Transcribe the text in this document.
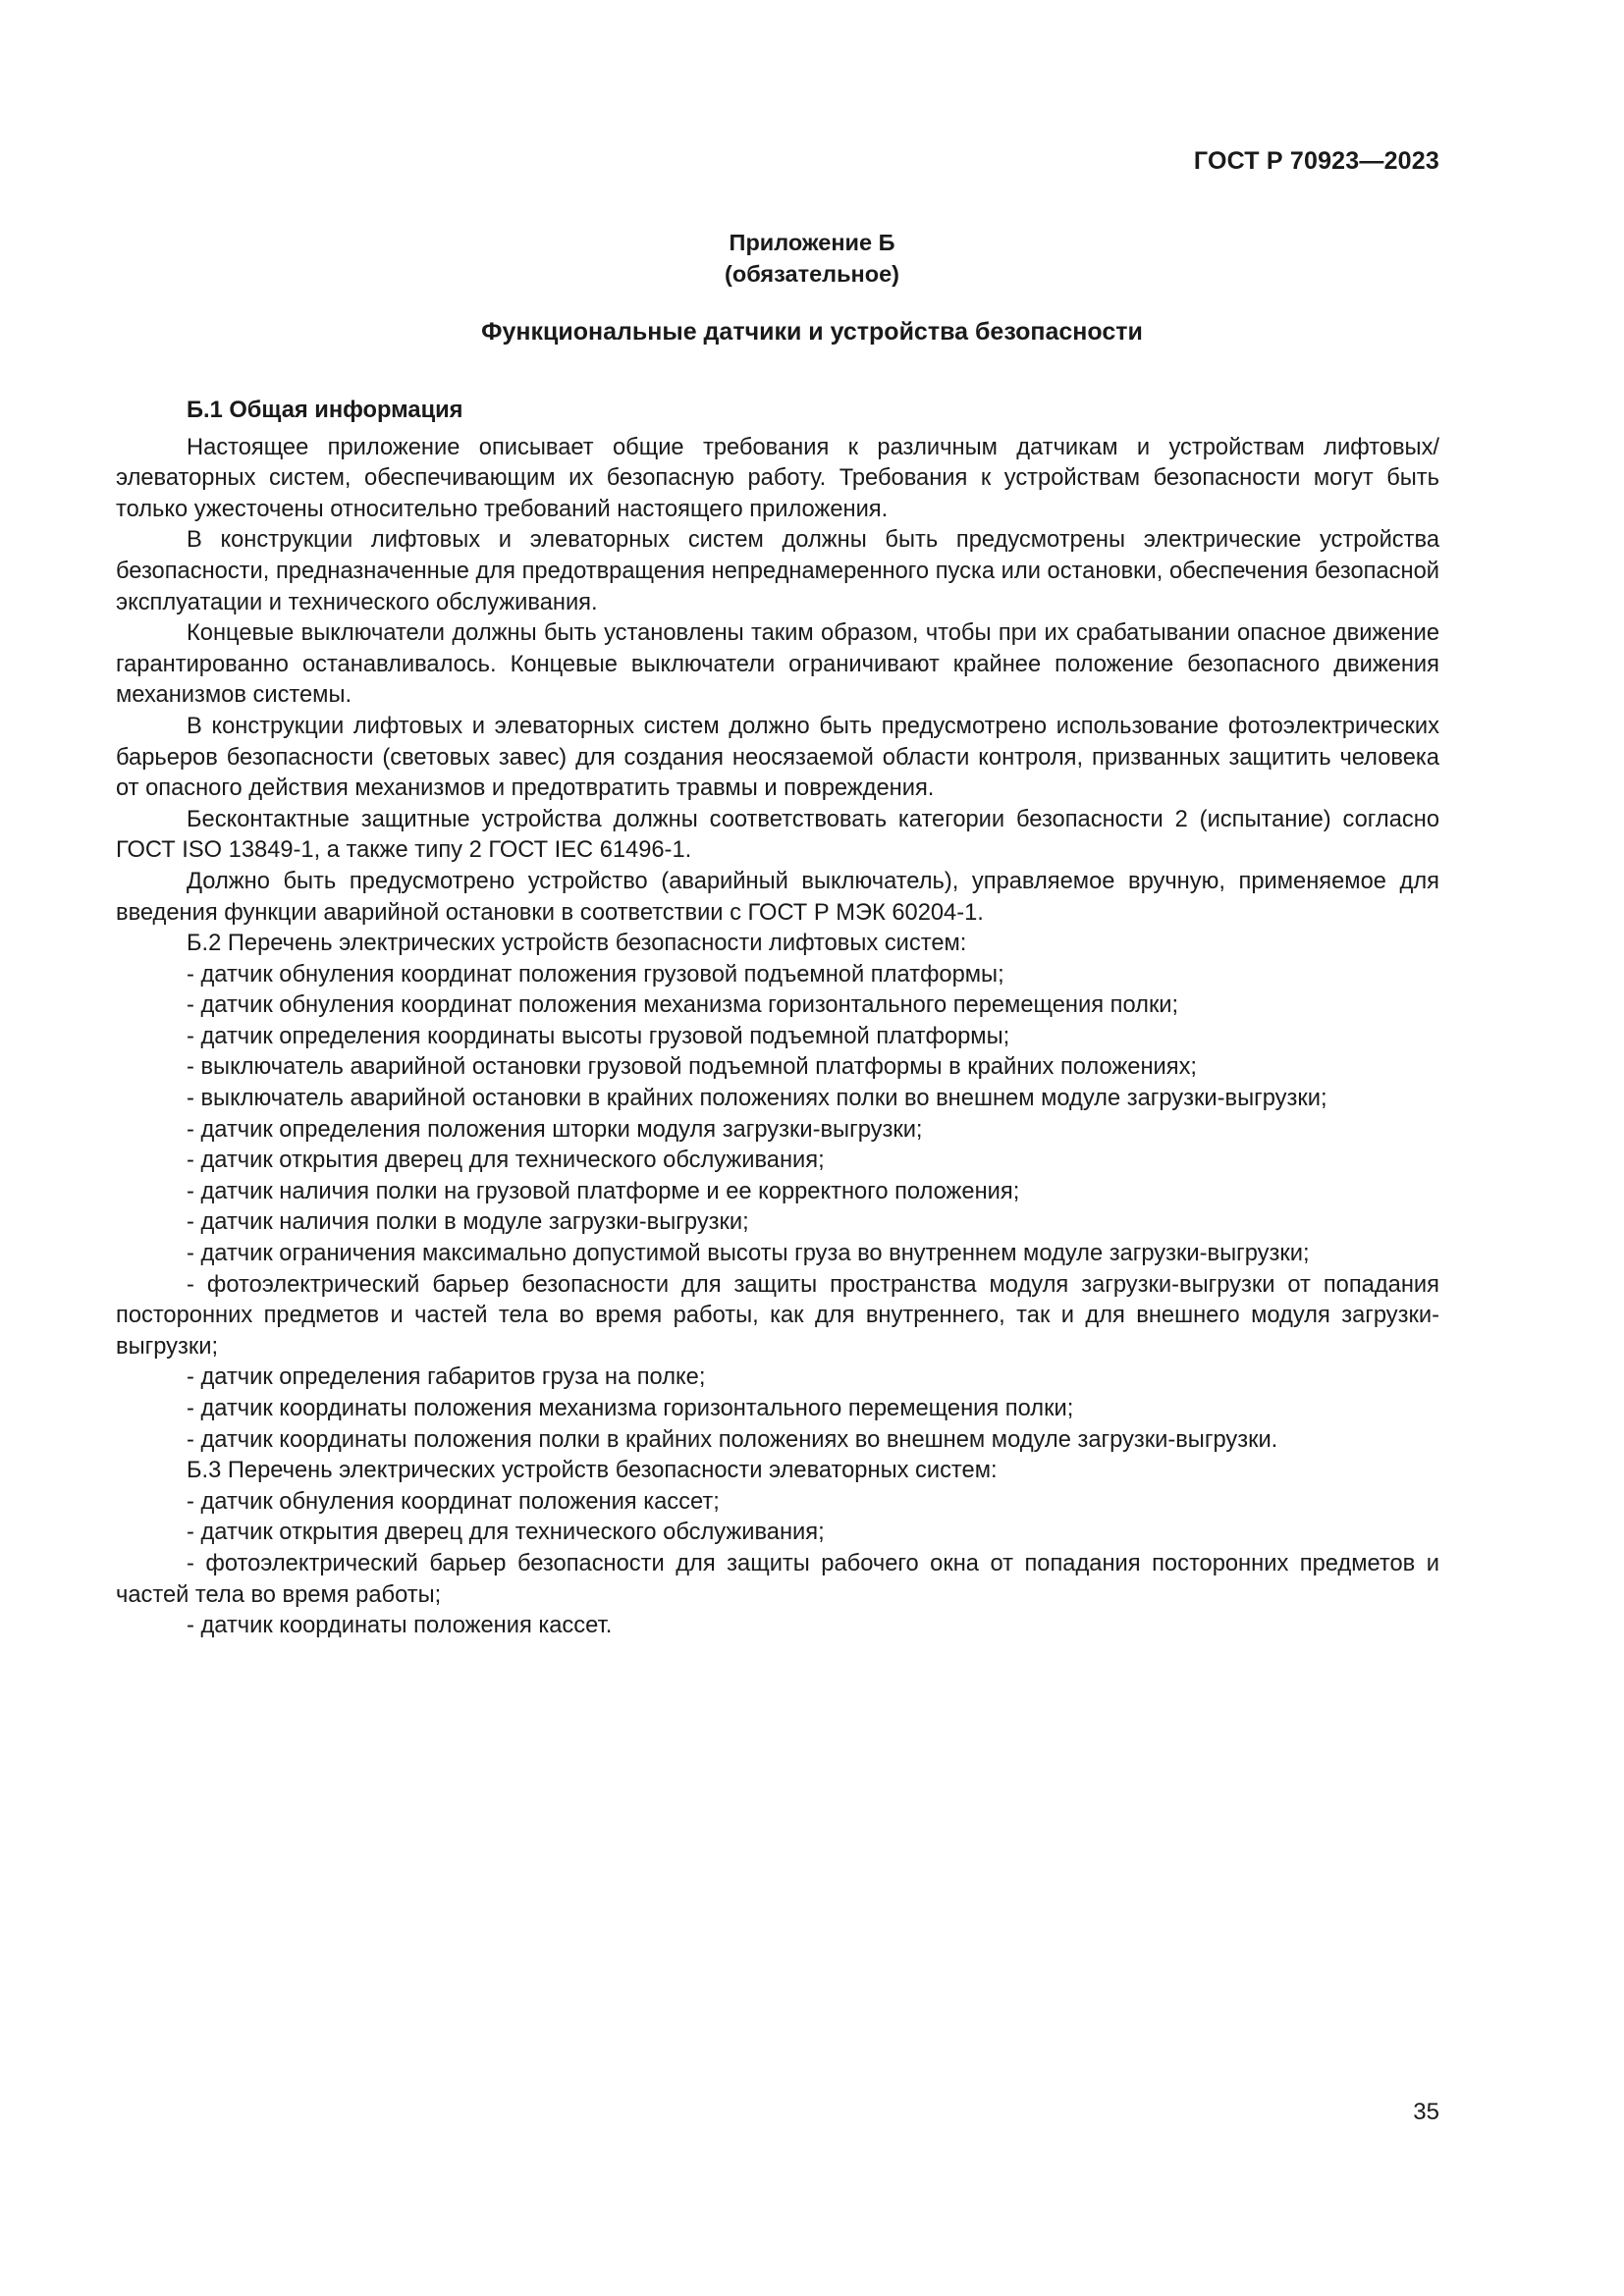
ГОСТ Р 70923—2023
Приложение Б
(обязательное)
Функциональные датчики и устройства безопасности
Б.1 Общая информация

Настоящее приложение описывает общие требования к различным датчикам и устройствам лифтовых/элеваторных систем, обеспечивающим их безопасную работу. Требования к устройствам безопасности могут быть только ужесточены относительно требований настоящего приложения.

В конструкции лифтовых и элеваторных систем должны быть предусмотрены электрические устройства безопасности, предназначенные для предотвращения непреднамеренного пуска или остановки, обеспечения безопасной эксплуатации и технического обслуживания.

Концевые выключатели должны быть установлены таким образом, чтобы при их срабатывании опасное движение гарантированно останавливалось. Концевые выключатели ограничивают крайнее положение безопасного движения механизмов системы.

В конструкции лифтовых и элеваторных систем должно быть предусмотрено использование фотоэлектрических барьеров безопасности (световых завес) для создания неосязаемой области контроля, призванных защитить человека от опасного действия механизмов и предотвратить травмы и повреждения.

Бесконтактные защитные устройства должны соответствовать категории безопасности 2 (испытание) согласно ГОСТ ISO 13849-1, а также типу 2 ГОСТ IEC 61496-1.

Должно быть предусмотрено устройство (аварийный выключатель), управляемое вручную, применяемое для введения функции аварийной остановки в соответствии с ГОСТ Р МЭК 60204-1.

Б.2 Перечень электрических устройств безопасности лифтовых систем:

- датчик обнуления координат положения грузовой подъемной платформы;

- датчик обнуления координат положения механизма горизонтального перемещения полки;

- датчик определения координаты высоты грузовой подъемной платформы;

- выключатель аварийной остановки грузовой подъемной платформы в крайних положениях;

- выключатель аварийной остановки в крайних положениях полки во внешнем модуле загрузки-выгрузки;

- датчик определения положения шторки модуля загрузки-выгрузки;

- датчик открытия дверец для технического обслуживания;

- датчик наличия полки на грузовой платформе и ее корректного положения;

- датчик наличия полки в модуле загрузки-выгрузки;

- датчик ограничения максимально допустимой высоты груза во внутреннем модуле загрузки-выгрузки;

- фотоэлектрический барьер безопасности для защиты пространства модуля загрузки-выгрузки от попадания посторонних предметов и частей тела во время работы, как для внутреннего, так и для внешнего модуля загрузки-выгрузки;

- датчик определения габаритов груза на полке;

- датчик координаты положения механизма горизонтального перемещения полки;

- датчик координаты положения полки в крайних положениях во внешнем модуле загрузки-выгрузки.

Б.3 Перечень электрических устройств безопасности элеваторных систем:

- датчик обнуления координат положения кассет;

- датчик открытия дверец для технического обслуживания;

- фотоэлектрический барьер безопасности для защиты рабочего окна от попадания посторонних предметов и частей тела во время работы;

- датчик координаты положения кассет.

35
